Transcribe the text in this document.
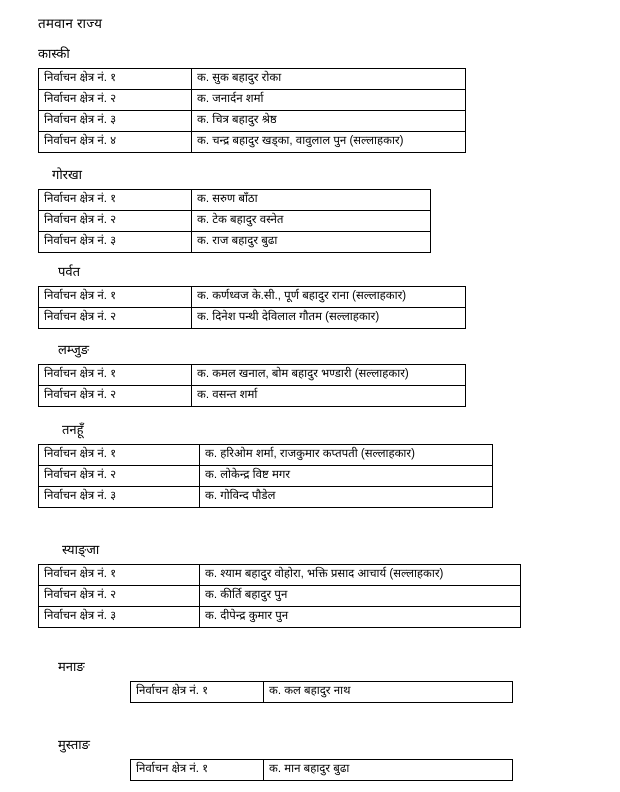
तमवान राज्य
कास्की
निर्वाचन क्षेत्र नं. १	क. सुक बहादुर रोका
निर्वाचन क्षेत्र नं. २	क. जनार्दन शर्मा
निर्वाचन क्षेत्र नं. ३	क. चित्र बहादुर श्रेष्ठ
निर्वाचन क्षेत्र नं. ४	क. चन्द्र बहादुर खड्का, वावुलाल पुन (सल्लाहकार)
गोरखा
निर्वाचन क्षेत्र नं. १	क. सरुण बाँठा
निर्वाचन क्षेत्र नं. २	क. टेक बहादुर वस्नेत
निर्वाचन क्षेत्र नं. ३	क. राज बहादुर बुढा
पर्वत
निर्वाचन क्षेत्र नं. १	क. कर्णध्वज के.सी., पूर्ण बहादुर राना (सल्लाहकार)
निर्वाचन क्षेत्र नं. २	क. दिनेश पन्थी देविलाल गौतम (सल्लाहकार)
लम्जुङ
निर्वाचन क्षेत्र नं. १	क. कमल खनाल, बोम बहादुर भण्डारी (सल्लाहकार)
निर्वाचन क्षेत्र नं. २	क. वसन्त शर्मा
तनहूँ
निर्वाचन क्षेत्र नं. १	क. हरिओम शर्मा, राजकुमार कप्तपती (सल्लाहकार)
निर्वाचन क्षेत्र नं. २	क. लोकेन्द्र विष्ट मगर
निर्वाचन क्षेत्र नं. ३	क. गोविन्द पौडेल
स्याङ्जा
निर्वाचन क्षेत्र नं. १	क. श्याम बहादुर वोहोरा, भक्ति प्रसाद आचार्य (सल्लाहकार)
निर्वाचन क्षेत्र नं. २	क. कीर्ति बहादुर पुन
निर्वाचन क्षेत्र नं. ३	क. दीपेन्द्र कुमार पुन
मनाङ
निर्वाचन क्षेत्र नं. १	क. कल बहादुर नाथ
मुस्ताङ
निर्वाचन क्षेत्र नं. १	क. मान बहादुर बुढा
